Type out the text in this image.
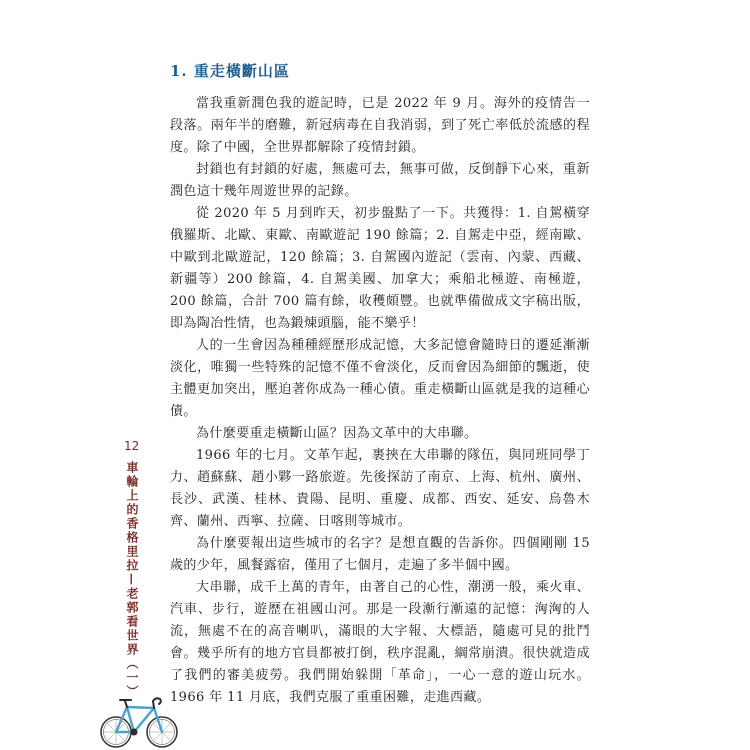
1. 重走橫斷山區

當我重新潤色我的遊記時，已是 2022 年 9 月。海外的疫情告一段落。兩年半的磨難，新冠病毒在自我消弱，到了死亡率低於流感的程度。除了中國，全世界都解除了疫情封鎖。

封鎖也有封鎖的好處，無處可去，無事可做，反倒靜下心來，重新潤色這十幾年周遊世界的記錄。

從 2020 年 5 月到昨天，初步盤點了一下。共獲得：1. 自駕橫穿俄羅斯、北歐、東歐、南歐遊記 190 餘篇；2. 自駕走中亞，經南歐、中歐到北歐遊記，120 餘篇；3. 自駕國內遊記（雲南、內蒙、西藏、新疆等）200 餘篇，4. 自駕美國、加拿大；乘船北極遊、南極遊，200 餘篇，合計 700 篇有餘，收穫頗豐。也就準備做成文字稿出版，即為陶冶性情，也為鍛煉頭腦，能不樂乎！

人的一生會因為種種經歷形成記憶，大多記憶會隨時日的遷延漸漸淡化，唯獨一些特殊的記憶不僅不會淡化，反而會因為細節的飄逝，使主體更加突出，壓迫著你成為一種心債。重走橫斷山區就是我的這種心債。

為什麼要重走橫斷山區？因為文革中的大串聯。

1966 年的七月。文革乍起，裹挾在大串聯的隊伍，與同班同學丁力、趙蘇蘇、趙小夥一路旅遊。先後探訪了南京、上海、杭州、廣州、長沙、武漢、桂林、貴陽、昆明、重慶、成都、西安、延安、烏魯木齊、蘭州、西寧、拉薩、日喀則等城市。

為什麼要報出這些城市的名字？是想直觀的告訴你。四個剛剛 15 歲的少年，風餐露宿，僅用了七個月，走遍了多半個中國。

大串聯，成千上萬的青年，由著自己的心性，潮湧一般，乘火車、汽車、步行，遊歷在祖國山河。那是一段漸行漸遠的記憶：洶洶的人流，無處不在的高音喇叭，滿眼的大字報、大標語，隨處可見的批鬥會。幾乎所有的地方官員都被打倒，秩序混亂，綱常崩潰。很快就造成了我們的審美疲勞。我們開始躲開「革命」，一心一意的遊山玩水。1966 年 11 月底，我們克服了重重困難，走進西藏。

12
車輪上的香格里拉—老郭看世界（一）
